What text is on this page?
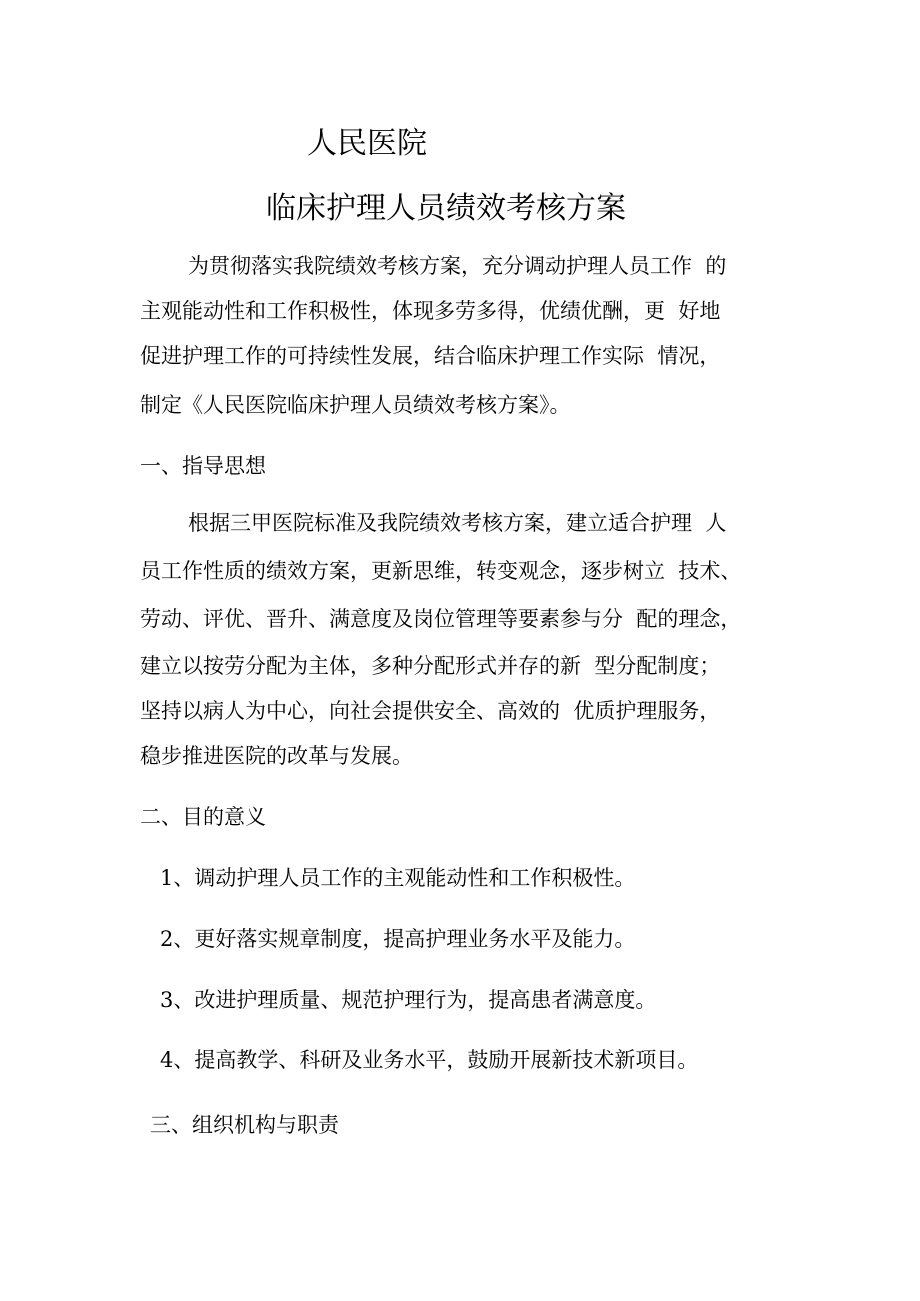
人民医院
临床护理人员绩效考核方案
为贯彻落实我院绩效考核方案，充分调动护理人员工作  的
主观能动性和工作积极性，体现多劳多得，优绩优酬，更  好地
促进护理工作的可持续性发展，结合临床护理工作实际  情况，
制定《人民医院临床护理人员绩效考核方案》。
一、指导思想
根据三甲医院标准及我院绩效考核方案，建立适合护理  人
员工作性质的绩效方案，更新思维，转变观念，逐步树立  技术、
劳动、评优、晋升、满意度及岗位管理等要素参与分  配的理念，
建立以按劳分配为主体，多种分配形式并存的新  型分配制度；
坚持以病人为中心，向社会提供安全、高效的  优质护理服务，
稳步推进医院的改革与发展。
二、目的意义
1、调动护理人员工作的主观能动性和工作积极性。
2、更好落实规章制度，提高护理业务水平及能力。
3、改进护理质量、规范护理行为，提高患者满意度。
4、提高教学、科研及业务水平，鼓励开展新技术新项目。
三、组织机构与职责
